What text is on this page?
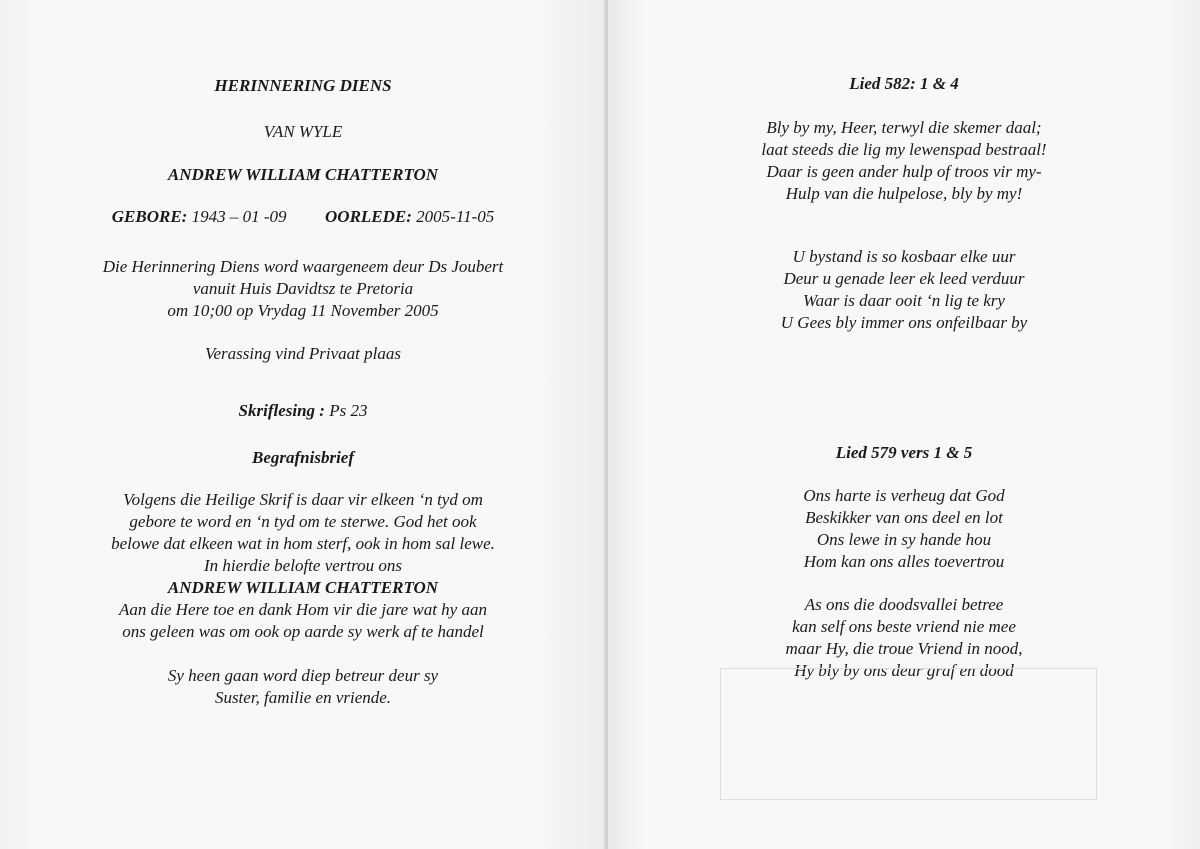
HERINNERING DIENS
VAN WYLE
ANDREW WILLIAM CHATTERTON
GEBORE: 1943 – 01 -09 OORLEDE: 2005-11-05
Die Herinnering Diens word waargeneem deur Ds Joubert
vanuit Huis Davidtsz te Pretoria
om 10;00 op Vrydag 11 November 2005
Verassing vind Privaat plaas
Skriflesing : Ps 23
Begrafnisbrief
Volgens die Heilige Skrif is daar vir elkeen ‘n tyd om
gebore te word en ‘n tyd om te sterwe. God het ook
belowe dat elkeen wat in hom sterf, ook in hom sal lewe.
In hierdie belofte vertrou ons
ANDREW WILLIAM CHATTERTON
Aan die Here toe en dank Hom vir die jare wat hy aan
ons geleen was om ook op aarde sy werk af te handel
Sy heen gaan word diep betreur deur sy
Suster, familie en vriende.
Lied 582: 1 & 4
Bly by my, Heer, terwyl die skemer daal;
laat steeds die lig my lewenspad bestraal!
Daar is geen ander hulp of troos vir my-
Hulp van die hulpelose, bly by my!
U bystand is so kosbaar elke uur
Deur u genade leer ek leed verduur
Waar is daar ooit ‘n lig te kry
U Gees bly immer ons onfeilbaar by
Lied 579 vers 1 & 5
Ons harte is verheug dat God
Beskikker van ons deel en lot
Ons lewe in sy hande hou
Hom kan ons alles toevertrou
As ons die doodsvallei betree
kan self ons beste vriend nie mee
maar Hy, die troue Vriend in nood,
Hy bly by ons deur graf en dood
